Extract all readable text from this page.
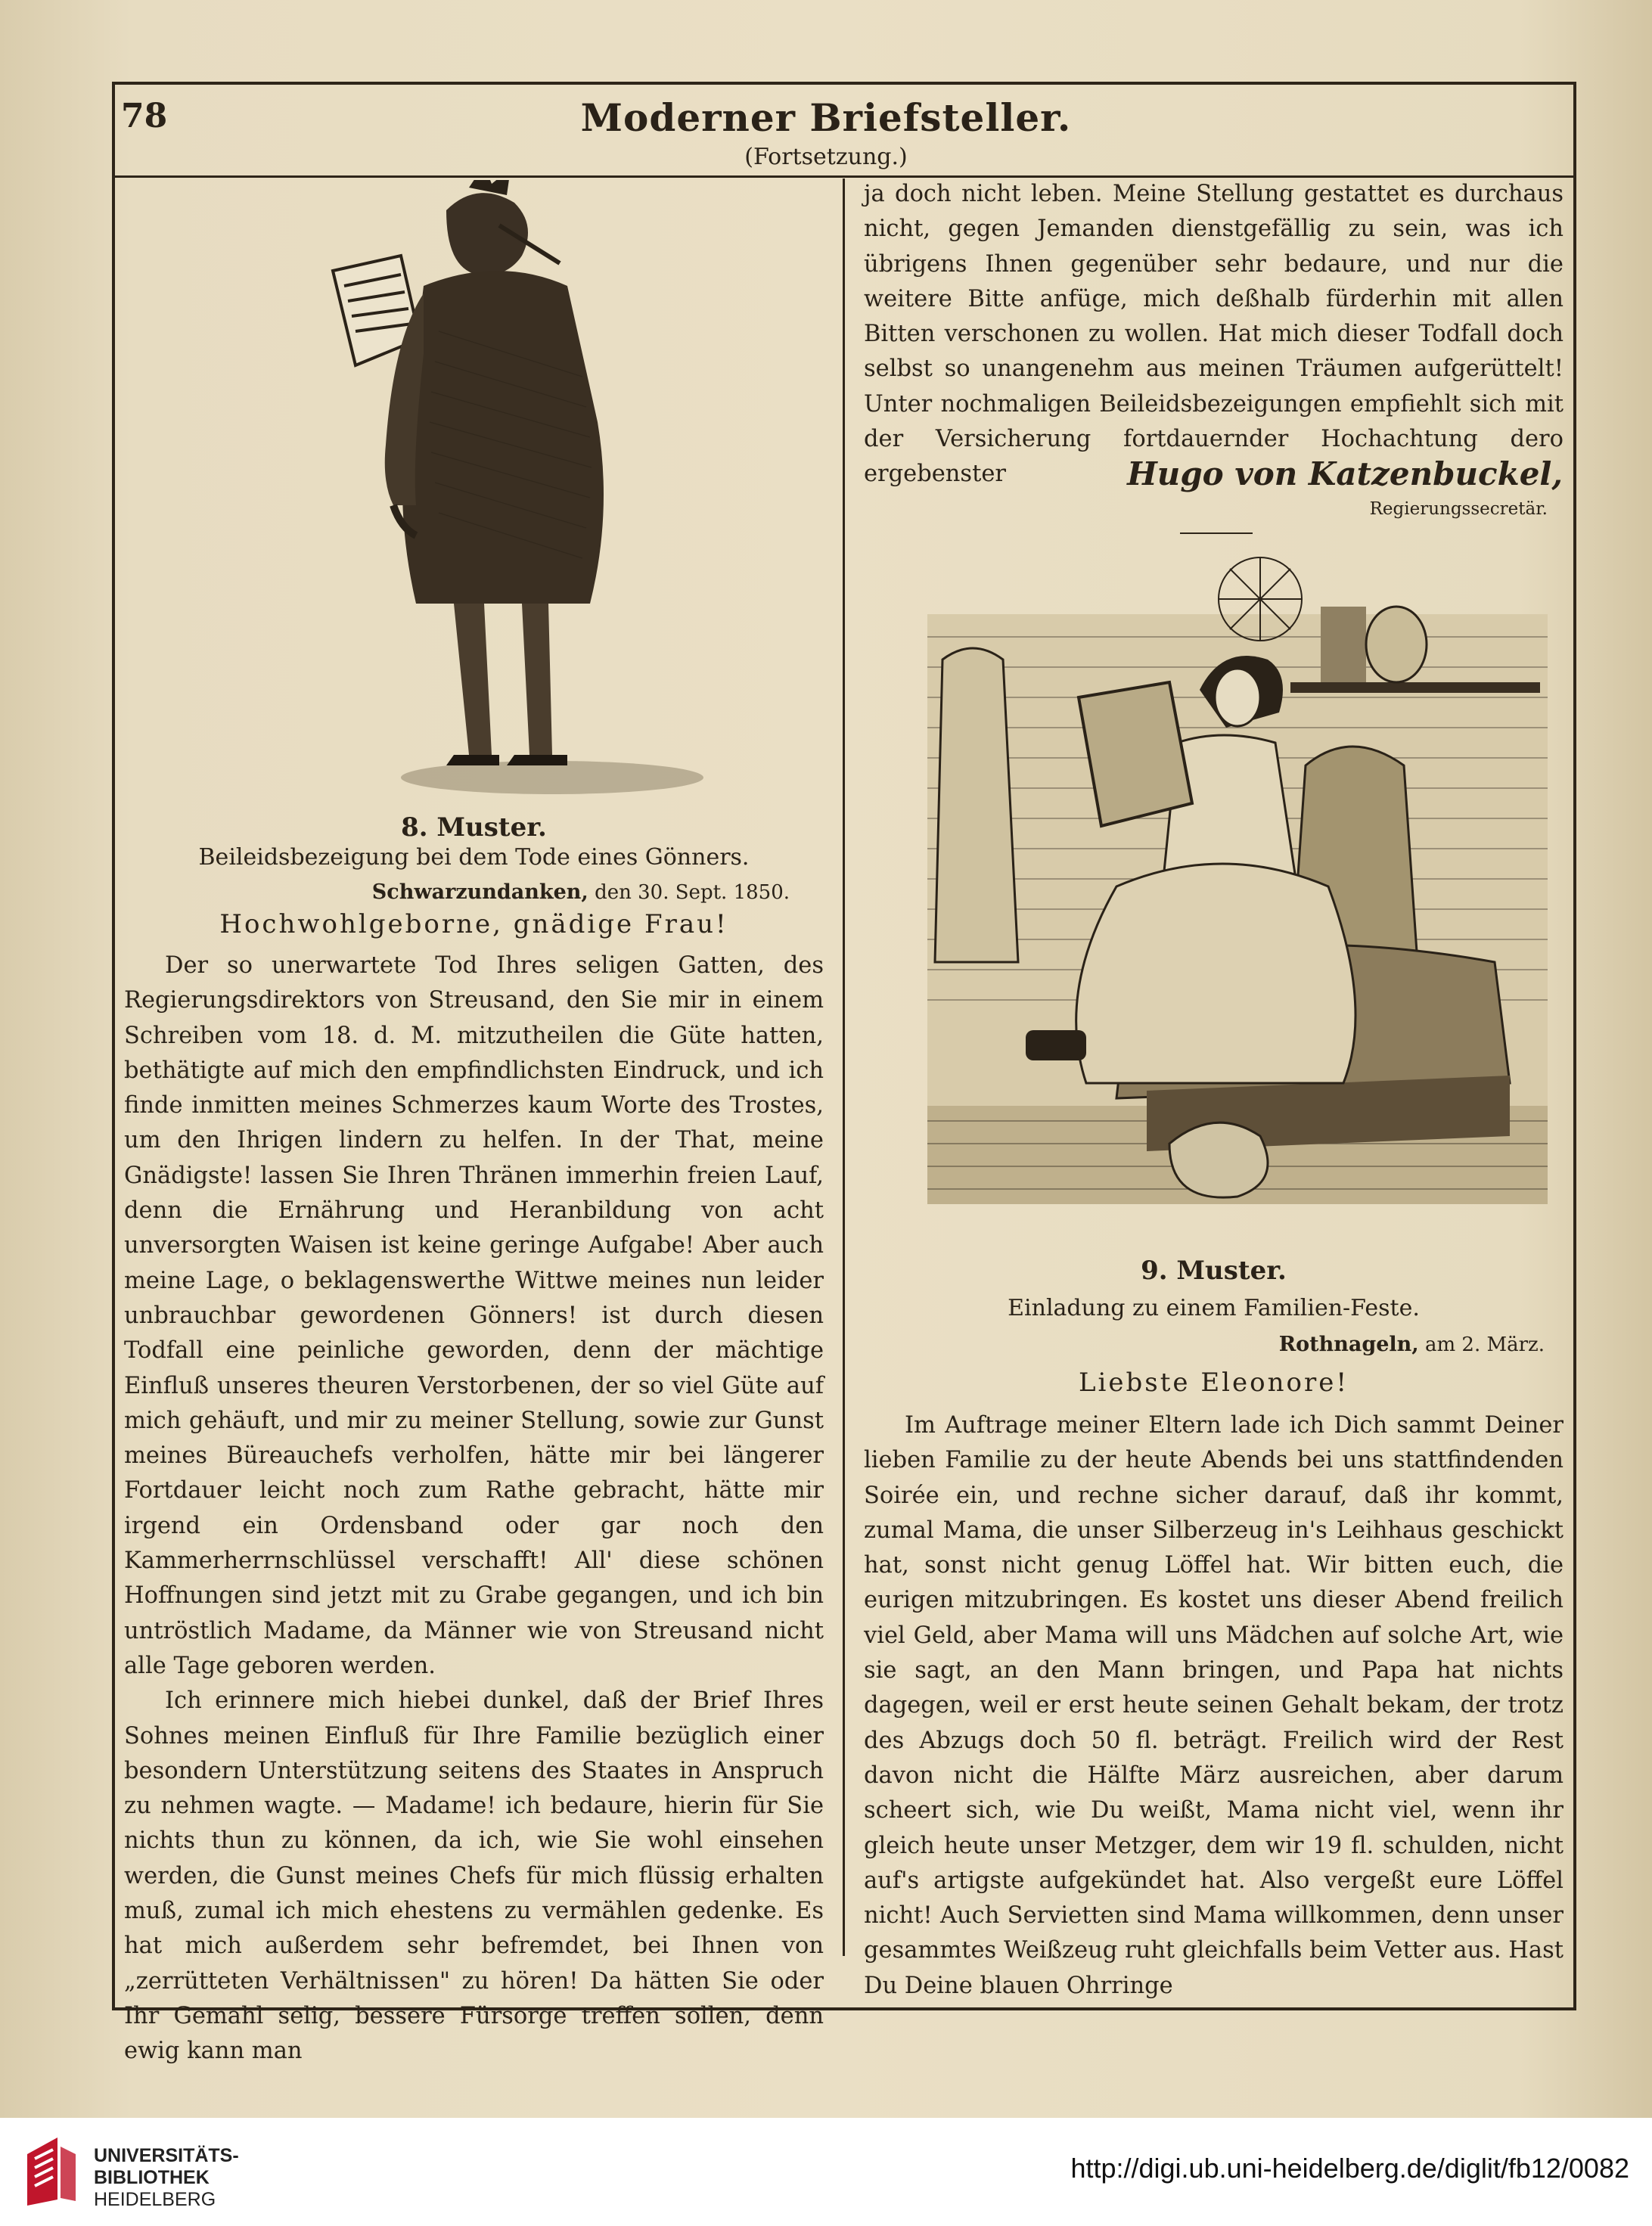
78	Moderner Briefsteller.
(Fortsetzung.)
8. Muster.
Beileidsbezeigung bei dem Tode eines Gönners.
Schwarzundanken, den 30. Sept. 1850.
Hochwohlgeborne, gnädige Frau!

Der so unerwartete Tod Ihres seligen Gatten, des Regierungsdirektors von Streusand, den Sie mir in einem Schreiben vom 18. d. M. mitzutheilen die Güte hatten, bethätigte auf mich den empfindlichsten Eindruck, und ich finde inmitten meines Schmerzes kaum Worte des Trostes, um den Ihrigen lindern zu helfen. In der That, meine Gnädigste! lassen Sie Ihren Thränen immerhin freien Lauf, denn die Ernährung und Heranbildung von acht unversorgten Waisen ist keine geringe Aufgabe! Aber auch meine Lage, o beklagenswerthe Wittwe meines nun leider unbrauchbar gewordenen Gönners! ist durch diesen Todfall eine peinliche geworden, denn der mächtige Einfluß unseres theuren Verstorbenen, der so viel Güte auf mich gehäuft, und mir zu meiner Stellung, sowie zur Gunst meines Büreauchefs verholfen, hätte mir bei längerer Fortdauer leicht noch zum Rathe gebracht, hätte mir irgend ein Ordensband oder gar noch den Kammerherrnschlüssel verschafft! All' diese schönen Hoffnungen sind jetzt mit zu Grabe gegangen, und ich bin untröstlich Madame, da Männer wie von Streusand nicht alle Tage geboren werden.

Ich erinnere mich hiebei dunkel, daß der Brief Ihres Sohnes meinen Einfluß für Ihre Familie bezüglich einer besondern Unterstützung seitens des Staates in Anspruch zu nehmen wagte. — Madame! ich bedaure, hierin für Sie nichts thun zu können, da ich, wie Sie wohl einsehen werden, die Gunst meines Chefs für mich flüssig erhalten muß, zumal ich mich ehestens zu vermählen gedenke. Es hat mich außerdem sehr befremdet, bei Ihnen von „zerrütteten Verhältnissen" zu hören! Da hätten Sie oder Ihr Gemahl selig, bessere Fürsorge treffen sollen, denn ewig kann man

ja doch nicht leben. Meine Stellung gestattet es durchaus nicht, gegen Jemanden dienstgefällig zu sein, was ich übrigens Ihnen gegenüber sehr bedaure, und nur die weitere Bitte anfüge, mich deßhalb fürderhin mit allen Bitten verschonen zu wollen. Hat mich dieser Todfall doch selbst so unangenehm aus meinen Träumen aufgerüttelt! Unter nochmaligen Beileidsbezeigungen empfiehlt sich mit der Versicherung fortdauernder Hochachtung dero ergebenster	Hugo von Katzenbuckel,
Regierungssecretär.
9. Muster.
Einladung zu einem Familien-Feste.
Rothnageln, am 2. März.
Liebste Eleonore!

Im Auftrage meiner Eltern lade ich Dich sammt Deiner lieben Familie zu der heute Abends bei uns stattfindenden Soirée ein, und rechne sicher darauf, daß ihr kommt, zumal Mama, die unser Silberzeug in's Leihhaus geschickt hat, sonst nicht genug Löffel hat. Wir bitten euch, die eurigen mitzubringen. Es kostet uns dieser Abend freilich viel Geld, aber Mama will uns Mädchen auf solche Art, wie sie sagt, an den Mann bringen, und Papa hat nichts dagegen, weil er erst heute seinen Gehalt bekam, der trotz des Abzugs doch 50 fl. beträgt. Freilich wird der Rest davon nicht die Hälfte März ausreichen, aber darum scheert sich, wie Du weißt, Mama nicht viel, wenn ihr gleich heute unser Metzger, dem wir 19 fl. schulden, nicht auf's artigste aufgekündet hat. Also vergeßt eure Löffel nicht! Auch Servietten sind Mama willkommen, denn unser gesammtes Weißzeug ruht gleichfalls beim Vetter aus. Hast Du Deine blauen Ohrringe

UNIVERSITÄTS-
BIBLIOTHEK
HEIDELBERG
http://digi.ub.uni-heidelberg.de/diglit/fb12/0082
